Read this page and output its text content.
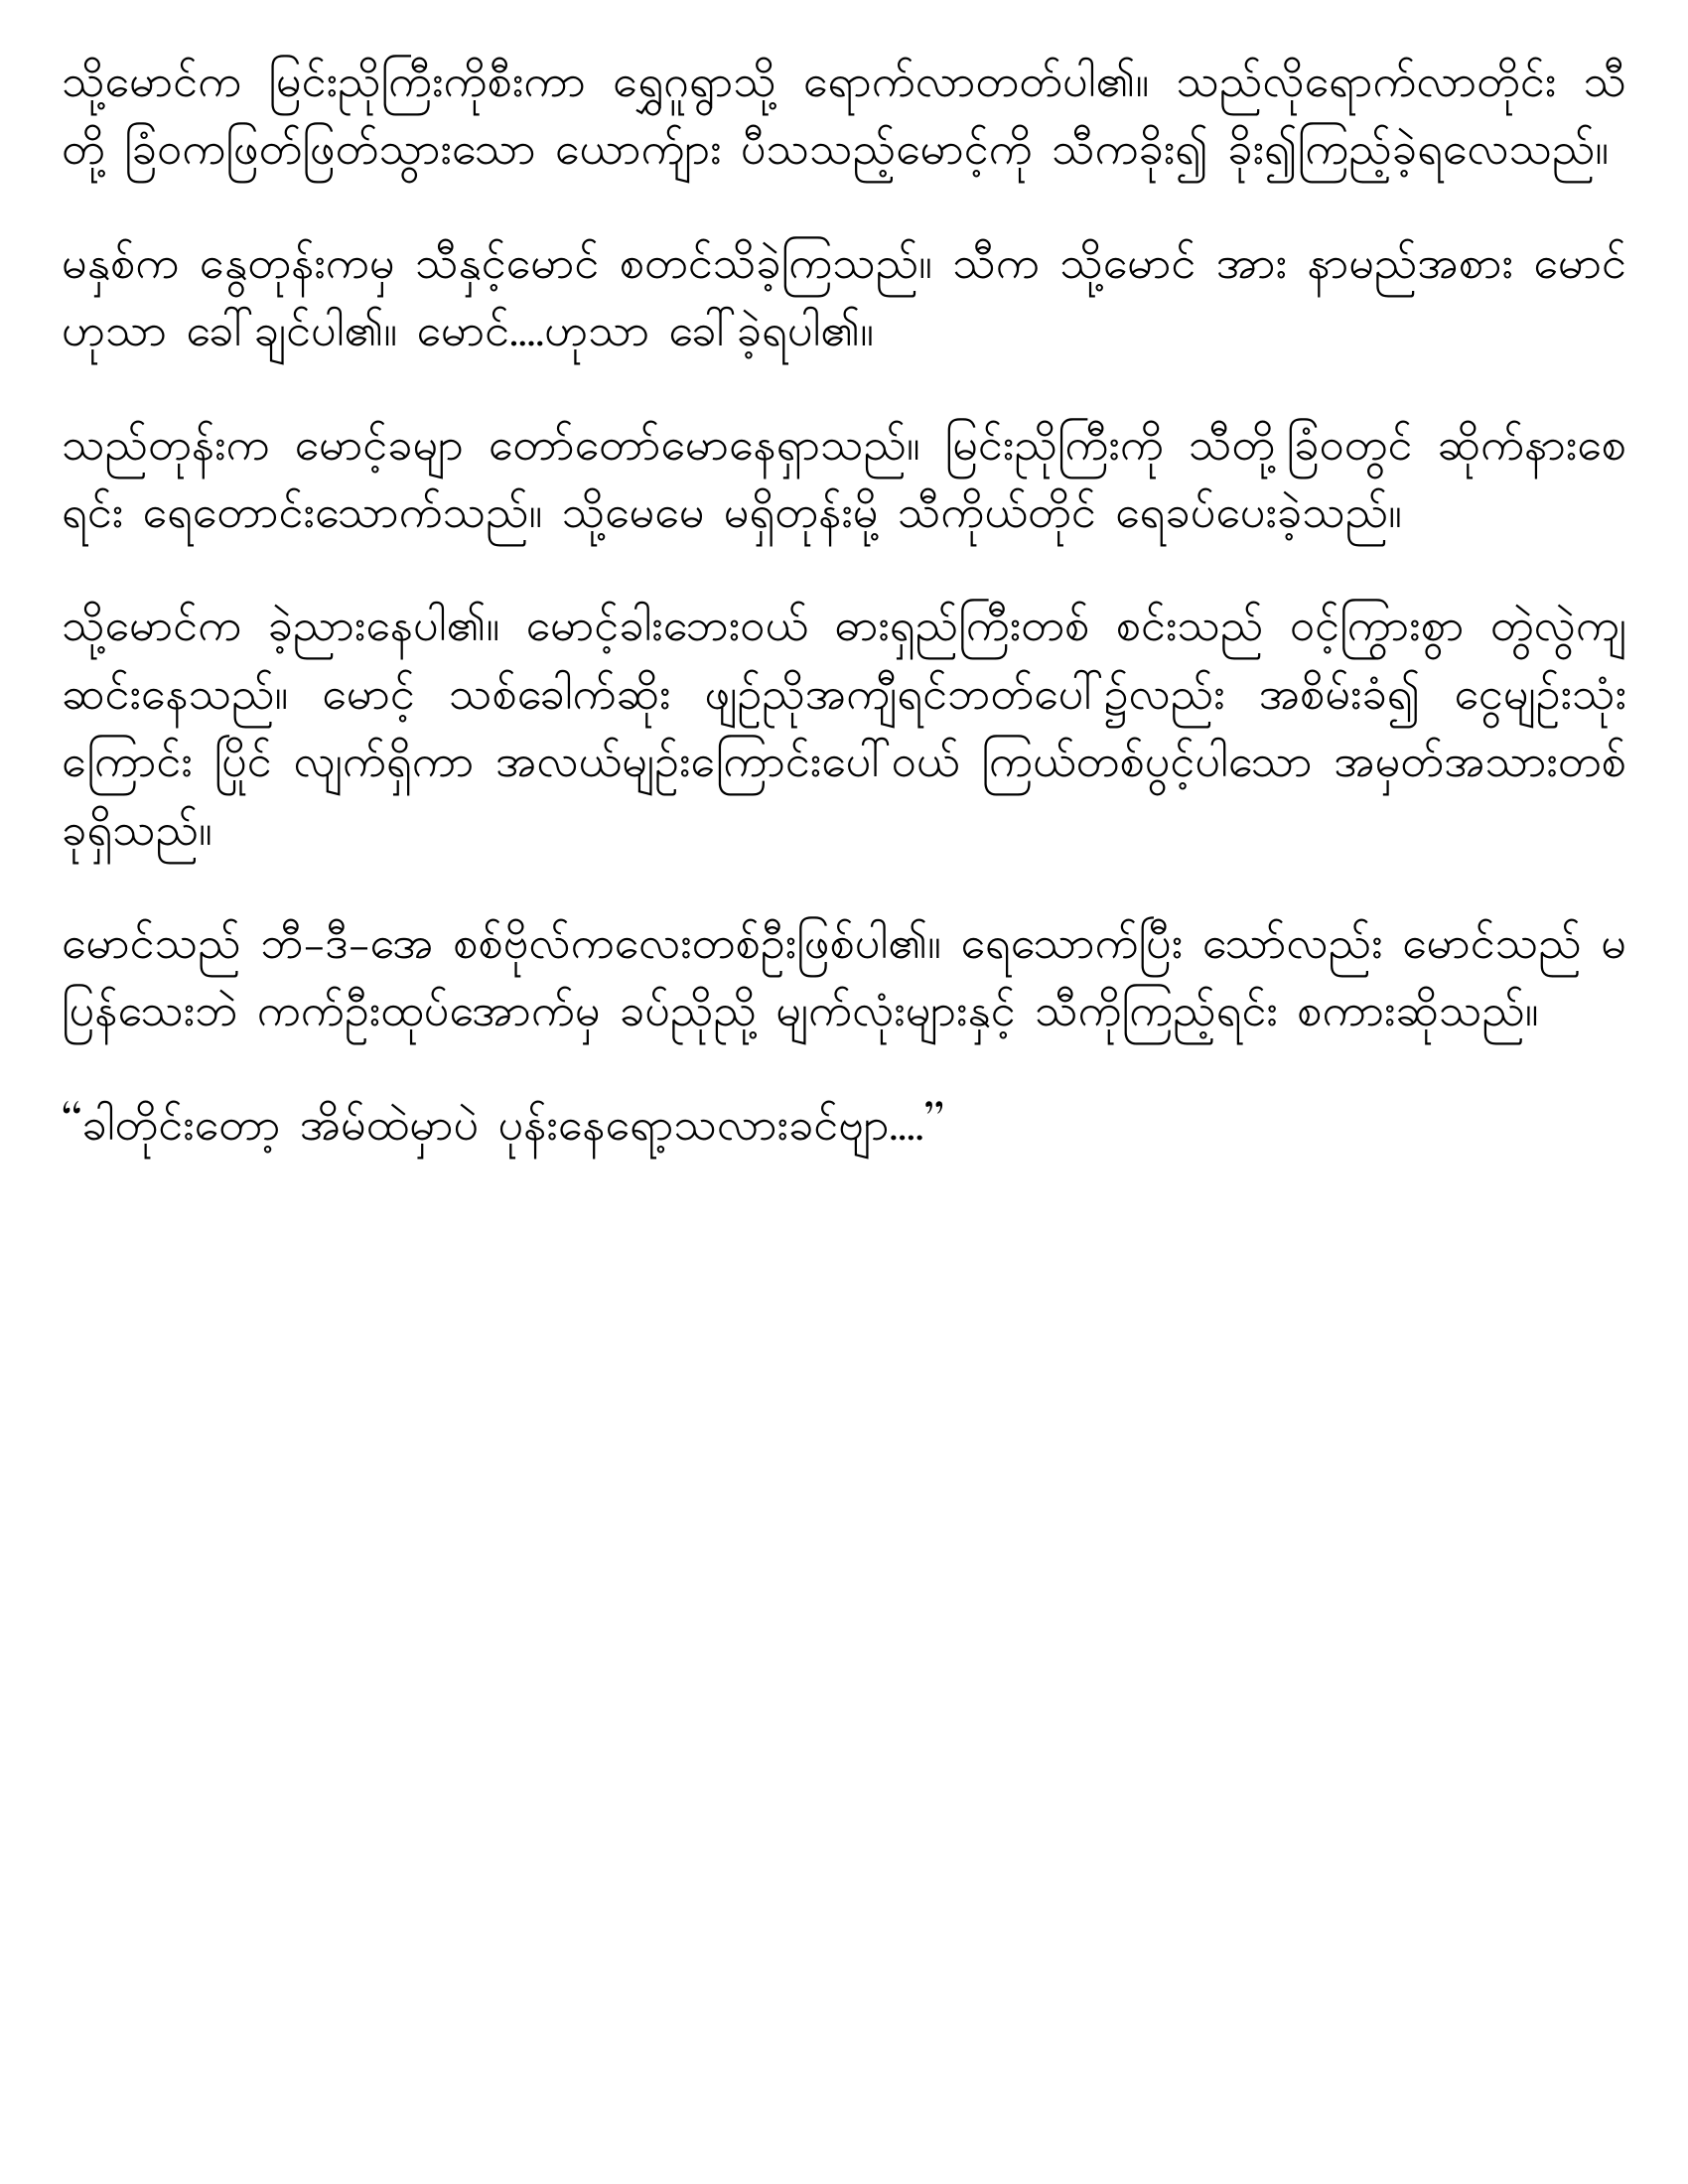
သို့မောင်က မြင်းညိုကြီးကိုစီးကာ ရွှေဂူရွာသို့ ရောက်လာတတ်ပါ၏။ သည်လိုရောက်လာတိုင်း သီတို့ ခြံဝကဖြတ်ဖြတ်သွားသော ယောက်ျား ပီသသည့်မောင့်ကို သီကခိုး၍ ခိုး၍ကြည့်ခဲ့ရလေသည်။

မနှစ်က နွေတုန်းကမှ သီနှင့်မောင် စတင်သိခဲ့ကြသည်။ သီက သို့မောင် အား နာမည်အစား မောင် ဟုသာ ခေါ်ချင်ပါ၏။ မောင်....ဟုသာ ခေါ်ခဲ့ရပါ၏။

သည်တုန်းက မောင့်ခမျာ တော်တော်မောနေရှာသည်။ မြင်းညိုကြီးကို သီတို့ခြံဝတွင် ဆိုက်နားစေရင်း ရေတောင်းသောက်သည်။ သို့မေမေ မရှိတုန်းမို့ သီကိုယ်တိုင် ရေခပ်ပေးခဲ့သည်။

သို့မောင်က ခဲ့ညားနေပါ၏။ မောင့်ခါးဘေးဝယ် ဓားရှည်ကြီးတစ် စင်းသည် ဝင့်ကြွားစွာ တွဲလွဲကျဆင်းနေသည်။ မောင့် သစ်ခေါက်ဆိုး ဖျဉ်ညိုအကျီရင်ဘတ်ပေါ်၌လည်း အစိမ်းခံ၍ ငွေမျဉ်းသုံးကြောင်း ပြိုင် လျက်ရှိကာ အလယ်မျဉ်းကြောင်းပေါ်ဝယ် ကြယ်တစ်ပွင့်ပါသော အမှတ်အသားတစ်ခုရှိသည်။

မောင်သည် ဘီ-ဒီ-အေ စစ်ဗိုလ်ကလေးတစ်ဦးဖြစ်ပါ၏။ ရေသောက်ပြီး သော်လည်း မောင်သည် မပြန်သေးဘဲ ကက်ဦးထုပ်အောက်မှ ခပ်ညိုညို့ မျက်လုံးများနှင့် သီကိုကြည့်ရင်း စကားဆိုသည်။

“ခါတိုင်းတော့ အိမ်ထဲမှာပဲ ပုန်းနေရော့သလားခင်ဗျာ....”
